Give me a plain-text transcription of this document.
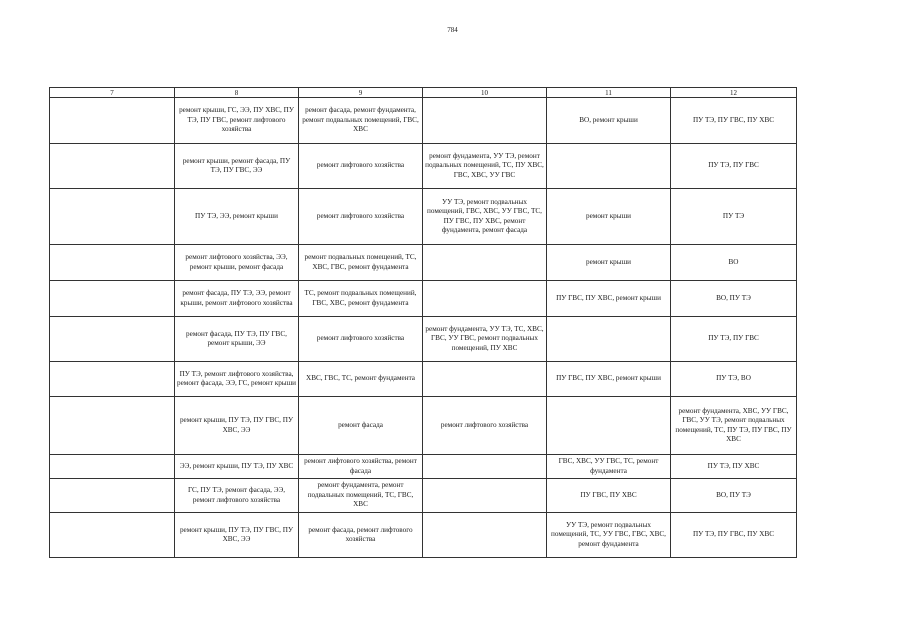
784
7	8	9	10	11	12
	ремонт крыши, ГС, ЭЭ, ПУ ХВС, ПУ ТЭ, ПУ ГВС, ремонт лифтового хозяйства	ремонт фасада, ремонт фундамента, ремонт подвальных помещений, ГВС, ХВС		ВО, ремонт крыши	ПУ ТЭ, ПУ ГВС, ПУ ХВС
	ремонт крыши, ремонт фасада, ПУ ТЭ, ПУ ГВС, ЭЭ	ремонт лифтового хозяйства	ремонт фундамента, УУ ТЭ, ремонт подвальных помещений, ТС, ПУ ХВС, ГВС, ХВС, УУ ГВС		ПУ ТЭ, ПУ ГВС
	ПУ ТЭ, ЭЭ, ремонт крыши	ремонт лифтового хозяйства	УУ ТЭ, ремонт подвальных помещений, ГВС, ХВС, УУ ГВС, ТС, ПУ ГВС, ПУ ХВС, ремонт фундамента, ремонт фасада	ремонт крыши	ПУ ТЭ
	ремонт лифтового хозяйства, ЭЭ, ремонт крыши, ремонт фасада	ремонт подвальных помещений, ТС, ХВС, ГВС, ремонт фундамента		ремонт крыши	ВО
	ремонт фасада, ПУ ТЭ, ЭЭ, ремонт крыши, ремонт лифтового хозяйства	ТС, ремонт подвальных помещений, ГВС, ХВС, ремонт фундамента		ПУ ГВС, ПУ ХВС, ремонт крыши	ВО, ПУ ТЭ
	ремонт фасада, ПУ ТЭ, ПУ ГВС, ремонт крыши, ЭЭ	ремонт лифтового хозяйства	ремонт фундамента, УУ ТЭ, ТС, ХВС, ГВС, УУ ГВС, ремонт подвальных помещений, ПУ ХВС		ПУ ТЭ, ПУ ГВС
	ПУ ТЭ, ремонт лифтового хозяйства, ремонт фасада, ЭЭ, ГС, ремонт крыши	ХВС, ГВС, ТС, ремонт фундамента		ПУ ГВС, ПУ ХВС, ремонт крыши	ПУ ТЭ, ВО
	ремонт крыши, ПУ ТЭ, ПУ ГВС, ПУ ХВС, ЭЭ	ремонт фасада	ремонт лифтового хозяйства		ремонт фундамента, ХВС, УУ ГВС, ГВС, УУ ТЭ, ремонт подвальных помещений, ТС, ПУ ТЭ, ПУ ГВС, ПУ ХВС
	ЭЭ, ремонт крыши, ПУ ТЭ, ПУ ХВС	ремонт лифтового хозяйства, ремонт фасада		ГВС, ХВС, УУ ГВС, ТС, ремонт фундамента	ПУ ТЭ, ПУ ХВС
	ГС, ПУ ТЭ, ремонт фасада, ЭЭ, ремонт лифтового хозяйства	ремонт фундамента, ремонт подвальных помещений, ТС, ГВС, ХВС		ПУ ГВС, ПУ ХВС	ВО, ПУ ТЭ
	ремонт крыши, ПУ ТЭ, ПУ ГВС, ПУ ХВС, ЭЭ	ремонт фасада, ремонт лифтового хозяйства		УУ ТЭ, ремонт подвальных помещений, ТС, УУ ГВС, ГВС, ХВС, ремонт фундамента	ПУ ТЭ, ПУ ГВС, ПУ ХВС
